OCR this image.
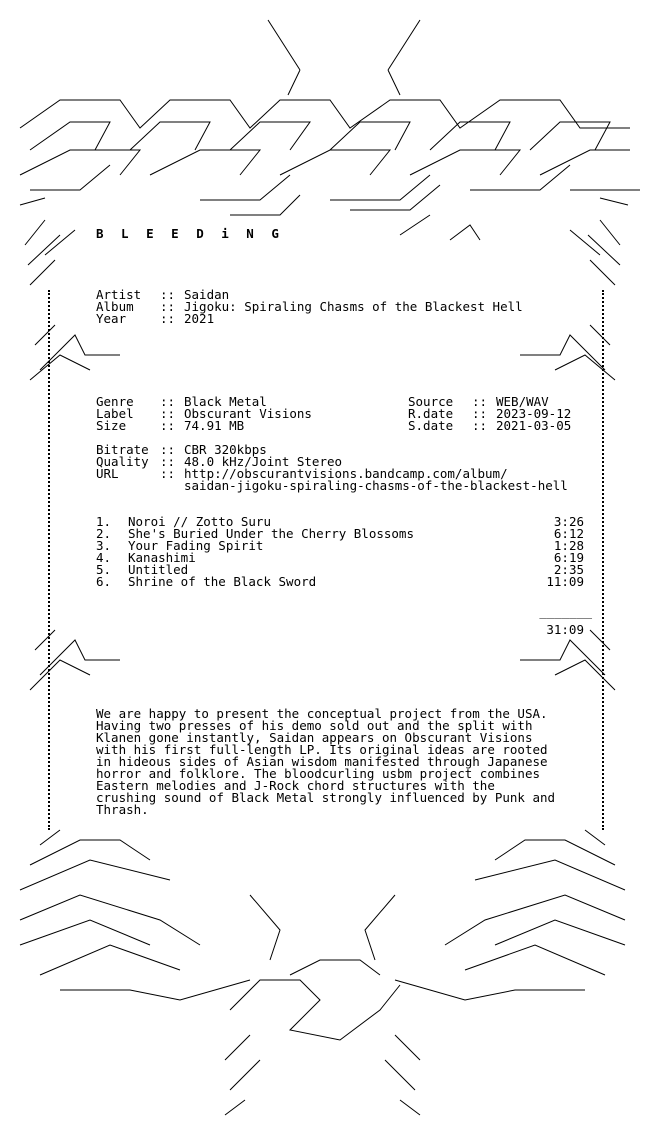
B L E E D i N G
Artist :: Saidan
Album :: Jigoku: Spiraling Chasms of the Blackest Hell
Year	:: 2021
Genre :: Black Metal	Source :: WEB/WAV
Label :: Obscurant Visions	R.date :: 2023-09-12
Size	:: 74.91 MB	S.date :: 2021-03-05
Bitrate :: CBR 320kbps
Quality :: 48.0 kHz/Joint Stereo
URL	:: http://obscurantvisions.bandcamp.com/album/
saidan-jigoku-spiraling-chasms-of-the-blackest-hell
1. Noroi // Zotto Suru	3:26
2. She's Buried Under the Cherry Blossoms	6:12
3. Your Fading Spirit	1:28
4. Kanashimi	6:19
5. Untitled	2:35
6. Shrine of the Black Sword	11:09
_______
31:09
We are happy to present the conceptual project from the USA.
Having two presses of his demo sold out and the split with
Klanen gone instantly, Saidan appears on Obscurant Visions
with his first full-length LP. Its original ideas are rooted
in hideous sides of Asian wisdom manifested through Japanese
horror and folklore. The bloodcurling usbm project combines
Eastern melodies and J-Rock chord structures with the
crushing sound of Black Metal strongly influenced by Punk and
Thrash.
